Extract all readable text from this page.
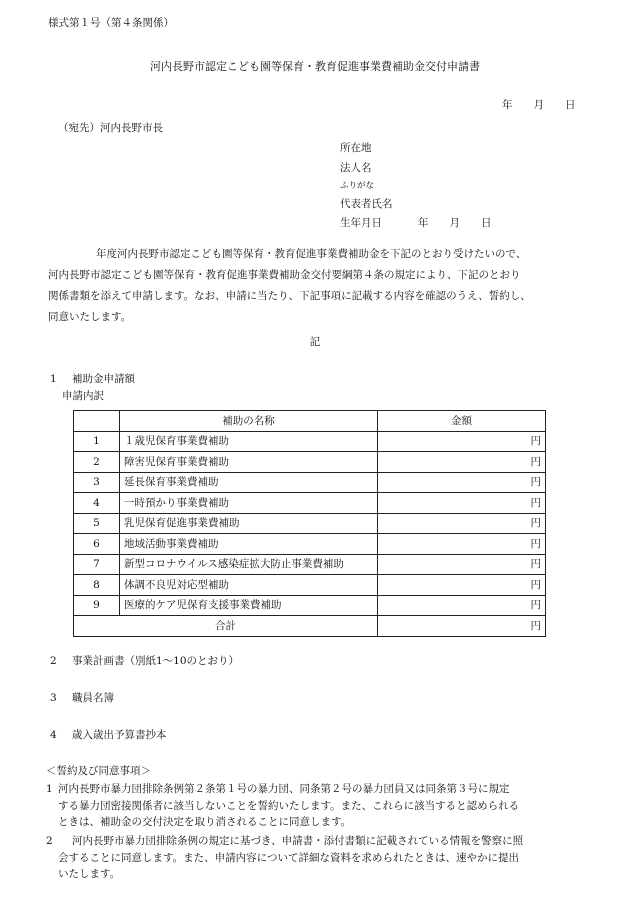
様式第１号（第４条関係）
河内長野市認定こども園等保育・教育促進事業費補助金交付申請書
年　　月　　日
（宛先）河内長野市長
所在地
法人名
ふりがな
代表者氏名
生年月日	年　　月　　日
年度河内長野市認定こども園等保育・教育促進事業費補助金を下記のとおり受けたいので、
河内長野市認定こども園等保育・教育促進事業費補助金交付要綱第４条の規定により、下記のとおり
関係書類を添えて申請します。なお、申請に当たり、下記事項に記載する内容を確認のうえ、誓約し、
同意いたします。
記
1 補助金申請額
申請内訳
	補助の名称	金額
1	１歳児保育事業費補助	円
2	障害児保育事業費補助	円
3	延長保育事業費補助	円
4	一時預かり事業費補助	円
5	乳児保育促進事業費補助	円
6	地域活動事業費補助	円
7	新型コロナウイルス感染症拡大防止事業費補助	円
8	体調不良児対応型補助	円
9	医療的ケア児保育支援事業費補助	円
合計		円
2 事業計画書（別紙1～10のとおり）
3 職員名簿
4 歳入歳出予算書抄本
＜誓約及び同意事項＞
1 河内長野市暴力団排除条例第２条第１号の暴力団、同条第２号の暴力団員又は同条第３号に規定
する暴力団密接関係者に該当しないことを誓約いたします。また、これらに該当すると認められる
ときは、補助金の交付決定を取り消されることに同意します。
2 河内長野市暴力団排除条例の規定に基づき、申請書・添付書類に記載されている情報を警察に照
会することに同意します。また、申請内容について詳細な資料を求められたときは、速やかに提出
いたします。
